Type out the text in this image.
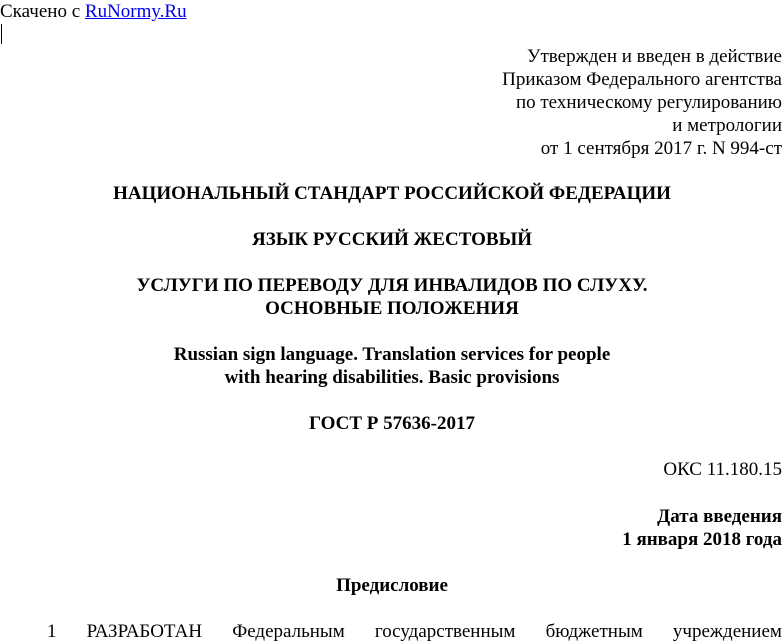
Скачено с RuNormy.Ru

Утвержден и введен в действие
Приказом Федерального агентства
по техническому регулированию
и метрологии
от 1 сентября 2017 г. N 994-ст
НАЦИОНАЛЬНЫЙ СТАНДАРТ РОССИЙСКОЙ ФЕДЕРАЦИИ
ЯЗЫК РУССКИЙ ЖЕСТОВЫЙ
УСЛУГИ ПО ПЕРЕВОДУ ДЛЯ ИНВАЛИДОВ ПО СЛУХУ.
ОСНОВНЫЕ ПОЛОЖЕНИЯ
Russian sign language. Translation services for people
with hearing disabilities. Basic provisions
ГОСТ Р 57636-2017
ОКС 11.180.15
Дата введения
1 января 2018 года
Предисловие
1 РАЗРАБОТАН Федеральным государственным бюджетным учреждением
